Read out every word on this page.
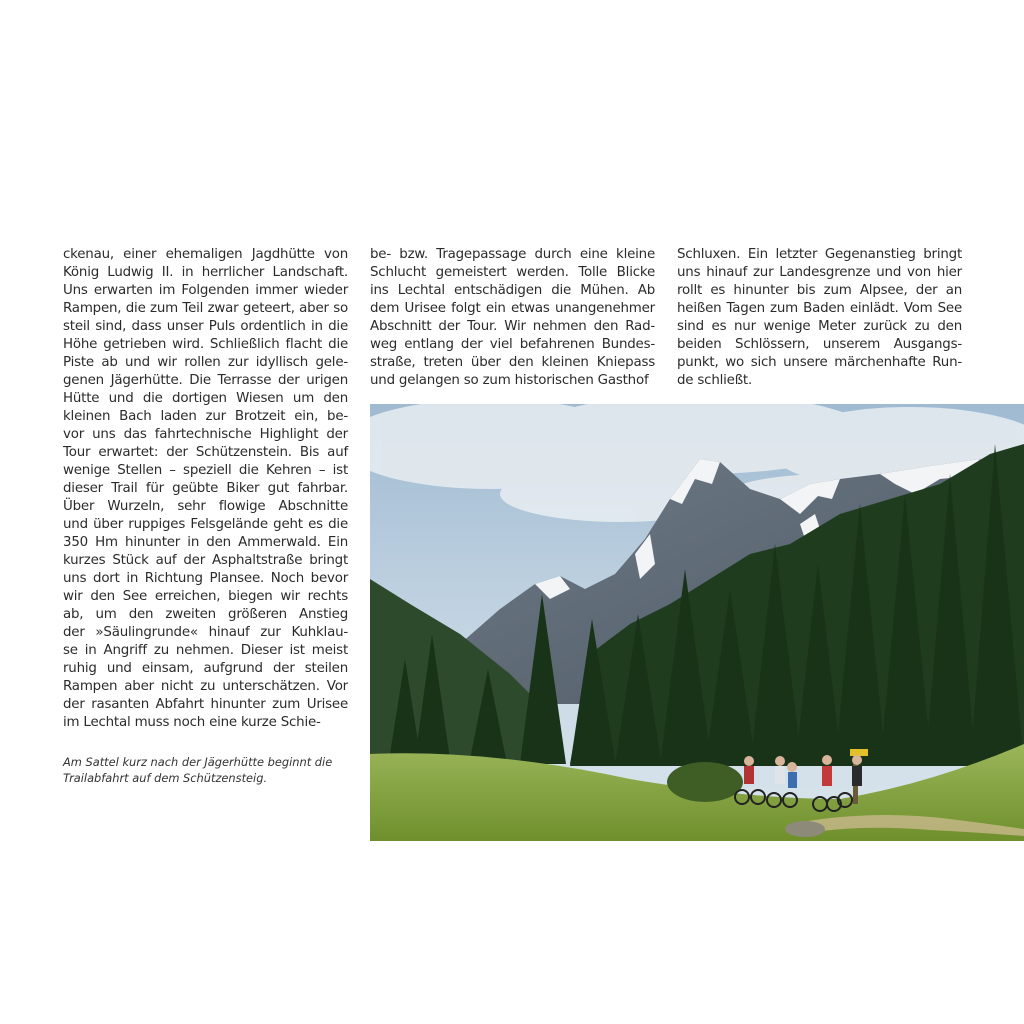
ckenau, einer ehemaligen Jagdhütte von
König Ludwig II. in herrlicher Landschaft.
Uns erwarten im Folgenden immer wieder
Rampen, die zum Teil zwar geteert, aber so
steil sind, dass unser Puls ordentlich in die
Höhe getrieben wird. Schließlich flacht die
Piste ab und wir rollen zur idyllisch gele-
genen Jägerhütte. Die Terrasse der urigen
Hütte und die dortigen Wiesen um den
kleinen Bach laden zur Brotzeit ein, be-
vor uns das fahrtechnische Highlight der
Tour erwartet: der Schützenstein. Bis auf
wenige Stellen – speziell die Kehren – ist
dieser Trail für geübte Biker gut fahrbar.
Über Wurzeln, sehr flowige Abschnitte
und über ruppiges Felsgelände geht es die
350 Hm hinunter in den Ammerwald. Ein
kurzes Stück auf der Asphaltstraße bringt
uns dort in Richtung Plansee. Noch bevor
wir den See erreichen, biegen wir rechts
ab, um den zweiten größeren Anstieg
der »Säulingrunde« hinauf zur Kuhklau-
se in Angriff zu nehmen. Dieser ist meist
ruhig und einsam, aufgrund der steilen
Rampen aber nicht zu unterschätzen. Vor
der rasanten Abfahrt hinunter zum Urisee
im Lechtal muss noch eine kurze Schie-
be- bzw. Tragepassage durch eine kleine
Schlucht gemeistert werden. Tolle Blicke
ins Lechtal entschädigen die Mühen. Ab
dem Urisee folgt ein etwas unangenehmer
Abschnitt der Tour. Wir nehmen den Rad-
weg entlang der viel befahrenen Bundes-
straße, treten über den kleinen Kniepass
und gelangen so zum historischen Gasthof
Schluxen. Ein letzter Gegenanstieg bringt
uns hinauf zur Landesgrenze und von hier
rollt es hinunter bis zum Alpsee, der an
heißen Tagen zum Baden einlädt. Vom See
sind es nur wenige Meter zurück zu den
beiden Schlössern, unserem Ausgangs-
punkt, wo sich unsere märchenhafte Run-
de schließt.
Am Sattel kurz nach der Jägerhütte beginnt die
Trailabfahrt auf dem Schützensteig.
